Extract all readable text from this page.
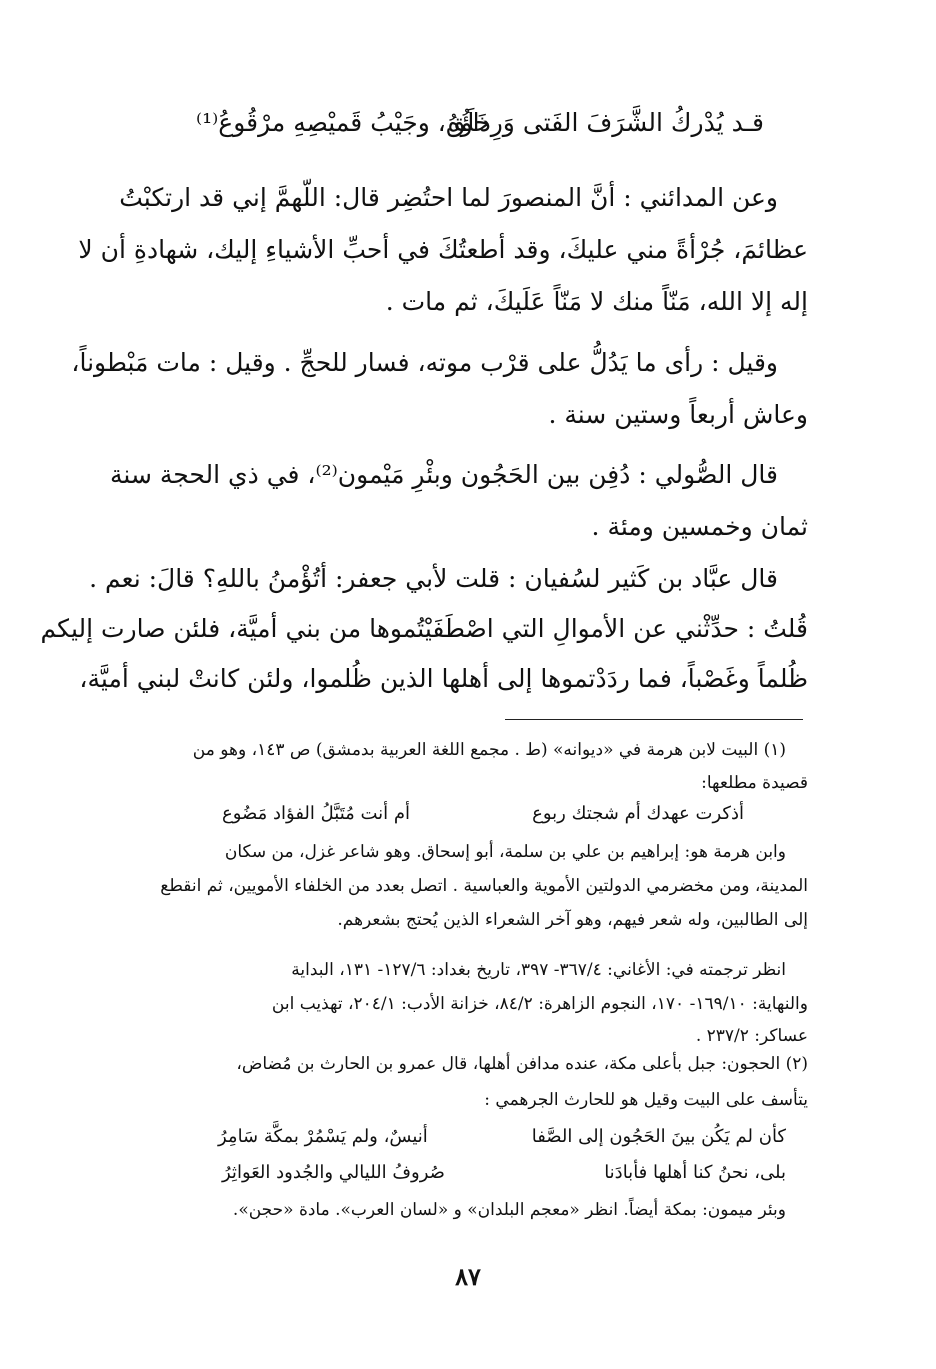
قـد يُدْركُ الشَّرَفَ الفَتى وَرِداؤُهُ
خَلَق، وجَيْبُ قَميْصِهِ مرْقُوعُ⁽¹⁾
وعن المدائني : أنَّ المنصورَ لما احتُضِر قال: اللّهمَّ إني قد ارتكبْتُ
عظائمَ، جُرْأةً مني عليكَ، وقد أطعتُكَ في أحبِّ الأشياءِ إليك، شهادةِ أن لا
إله إلا الله، مَنّاً منك لا مَنّاً عَلَيكَ، ثم مات .
وقيل : رأى ما يَدُلُّ على قرْب موته، فسار للحجِّ . وقيل : مات مَبْطوناً،
وعاش أربعاً وستين سنة .
قال الصُّولي : دُفِن بين الحَجُون وبئْرِ مَيْمون⁽²⁾، في ذي الحجة سنة
ثمان وخمسين ومئة .
قال عبَّاد بن كَثير لسُفيان : قلت لأبي جعفر: أتُؤْمنُ باللهِ؟ قالَ: نعم .
قُلتُ : حدِّثْني عن الأموالِ التي اصْطَفَيْتُموها من بني أميَّة، فلئن صارت إليكم
ظُلماً وغَصْباً، فما ردَدْتموها إلى أهلها الذين ظُلموا، ولئن كانتْ لبني أميَّة،
(١) البيت لابن هرمة في «ديوانه» (ط . مجمع اللغة العربية بدمشق) ص ١٤٣، وهو من
قصيدة مطلعها:
أذكرت عهدك أم شجتك ربوع
أم أنت مُتَبَّلُ الفؤاد مَضُوع
وابن هرمة هو: إبراهيم بن علي بن سلمة، أبو إسحاق. وهو شاعر غزل، من سكان
المدينة، ومن مخضرمي الدولتين الأموية والعباسية . اتصل بعدد من الخلفاء الأمويين، ثم انقطع
إلى الطالبين، وله شعر فيهم، وهو آخر الشعراء الذين يُحتج بشعرهم.
انظر ترجمته في: الأغاني: ٣٦٧/٤- ٣٩٧، تاريخ بغداد: ١٢٧/٦- ١٣١، البداية
والنهاية: ١٦٩/١٠- ١٧٠، النجوم الزاهرة: ٨٤/٢، خزانة الأدب: ٢٠٤/١، تهذيب ابن
عساكر: ٢٣٧/٢ .
(٢) الحجون: جبل بأعلى مكة، عنده مدافن أهلها، قال عمرو بن الحارث بن مُضاض،
يتأسف على البيت وقيل هو للحارث الجرهمي :
كأن لم يَكُن بينَ الحَجُون إلى الصَّفا
أنيسٌ، ولم يَسْمُرْ بمكَّة سَامِرُ
بلى، نحنُ كنا أهلها فأبادَنا
صُروفُ الليالي والجُدود العَواثِرُ
وبئر ميمون: بمكة أيضاً. انظر «معجم البلدان» و «لسان العرب». مادة «حجن».
٨٧
